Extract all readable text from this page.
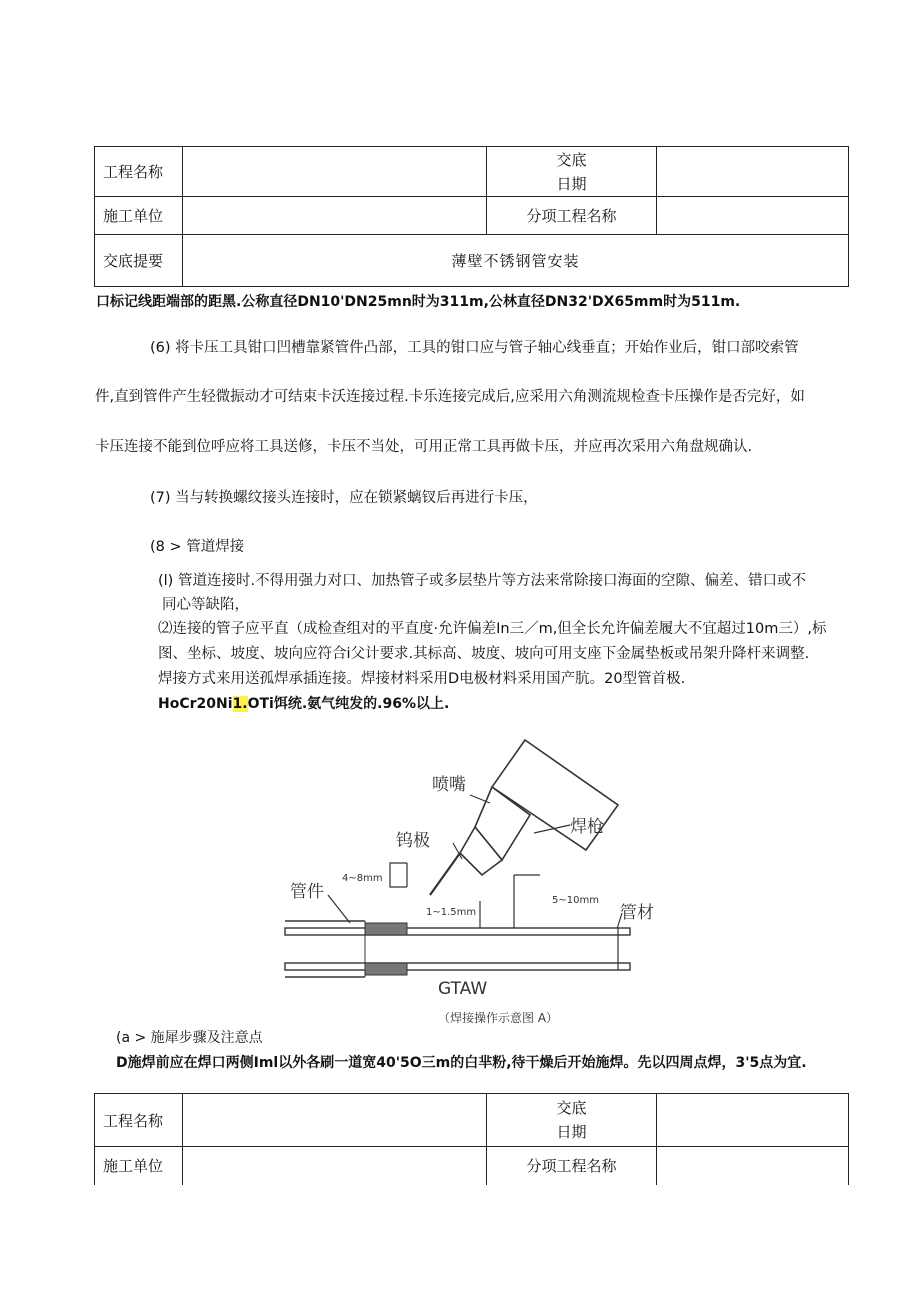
工程名称		交底
日期	

施工单位		分项工程名称	
交底提要	薄壁不锈钢管安装		
口标记线距端部的距黑.公称直径DN10'DN25mn时为311m,公林直径DN32'DX65mm时为511m.
(6) 将卡压工具钳口凹槽靠紧管件凸部，工具的钳口应与管子轴心线垂直；开始作业后，钳口部咬索管
件,直到管件产生轻微振动才可结束卡沃连接过程.卡乐连接完成后,应采用六角测流规检查卡压操作是否完好，如
卡压连接不能到位呼应将工具送修，卡压不当处，可用正常工具再做卡压，并应再次采用六角盘规确认.
(7) 当与转换螺纹接头连接时，应在锁紧螭钗后再进行卡压，
(8 > 管道焊接
(l) 管道连接时.不得用强力对口、加热管子或多层垫片等方法来常除接口海面的空隙、偏差、错口或不
同心等缺陷，
⑵连接的管子应平直（成检查组对的平直度·允许偏差In三／m,但全长允许偏差履大不宜超过10m三）,标
图、坐标、坡度、坡向应符合i父计要求.其标高、坡度、坡向可用支座下金属垫板或吊架升降杆来调整.
焊接方式来用送孤焊承插连接。焊接材料采用D电极材料采用国产肮。20型管首极.
HoCr20Ni1.OTi饵统.氨气纯发的.96%以上.
喷嘴
钨极
焊枪
管件
管材
4~8mm
1~1.5mm
5~10mm
GTAW
（焊接操作示意图 A）
(a > 施犀步骤及注意点
D施焊前应在焊口两侧Iml以外各刷一道宽40'5O三m的白芈粉,待干燥后开始施焊。先以四周点焊，3'5点为宜.
工程名称		交底
日期	

施工单位		分项工程名称	
